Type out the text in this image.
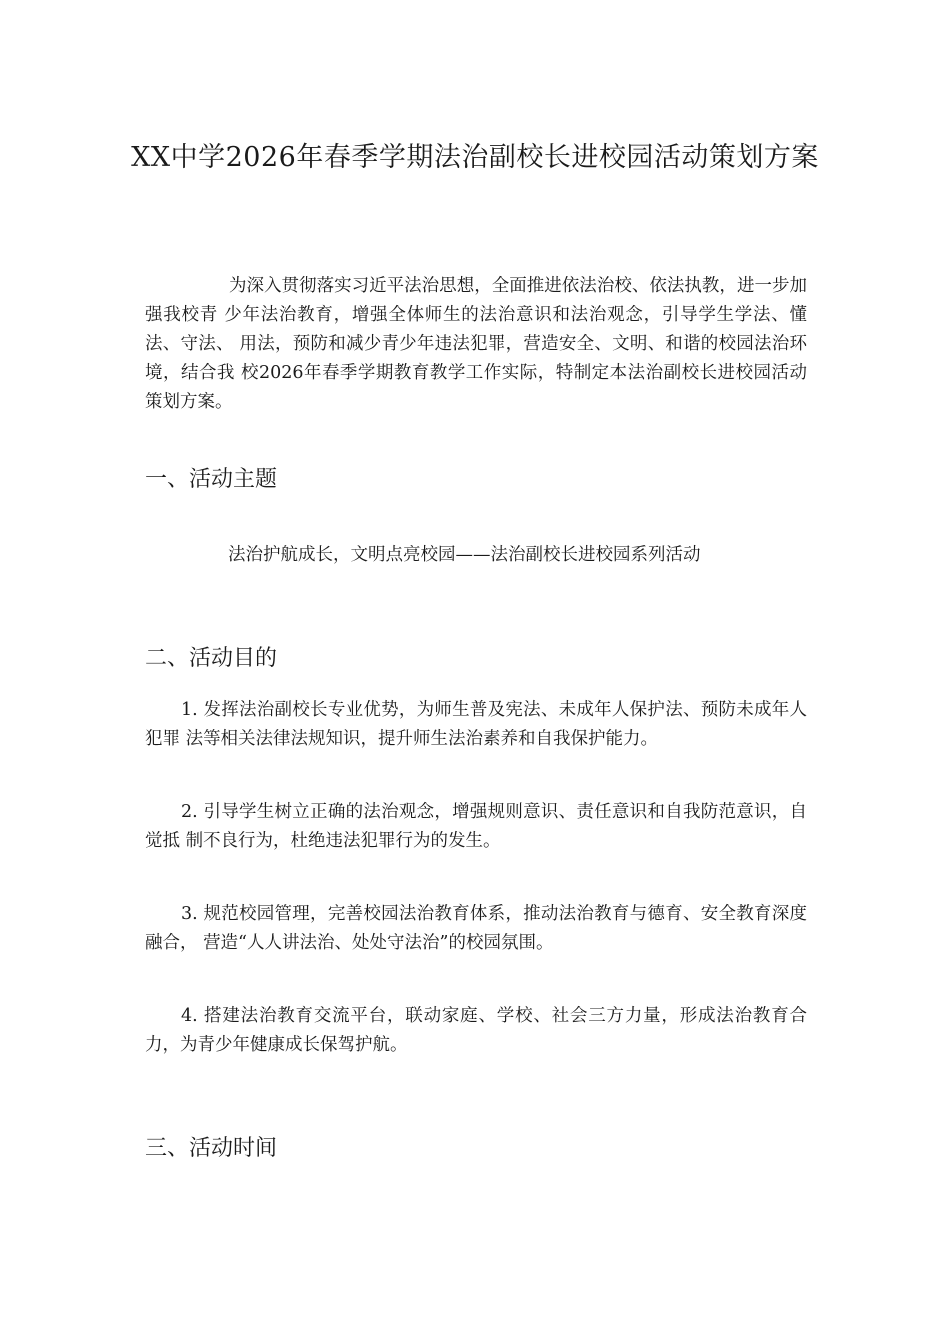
XX中学2026年春季学期法治副校长进校园活动策划方案

为深入贯彻落实习近平法治思想，全面推进依法治校、依法执教，进一步加强我校青 少年法治教育，增强全体师生的法治意识和法治观念，引导学生学法、懂法、守法、 用法，预防和减少青少年违法犯罪，营造安全、文明、和谐的校园法治环境，结合我 校2026年春季学期教育教学工作实际，特制定本法治副校长进校园活动策划方案。

一、活动主题

法治护航成长，文明点亮校园——法治副校长进校园系列活动

二、活动目的

1. 发挥法治副校长专业优势，为师生普及宪法、未成年人保护法、预防未成年人犯罪 法等相关法律法规知识，提升师生法治素养和自我保护能力。

2. 引导学生树立正确的法治观念，增强规则意识、责任意识和自我防范意识，自觉抵 制不良行为，杜绝违法犯罪行为的发生。

3. 规范校园管理，完善校园法治教育体系，推动法治教育与德育、安全教育深度融合， 营造“人人讲法治、处处守法治”的校园氛围。

4. 搭建法治教育交流平台，联动家庭、学校、社会三方力量，形成法治教育合力，为青少年健康成长保驾护航。

三、活动时间
